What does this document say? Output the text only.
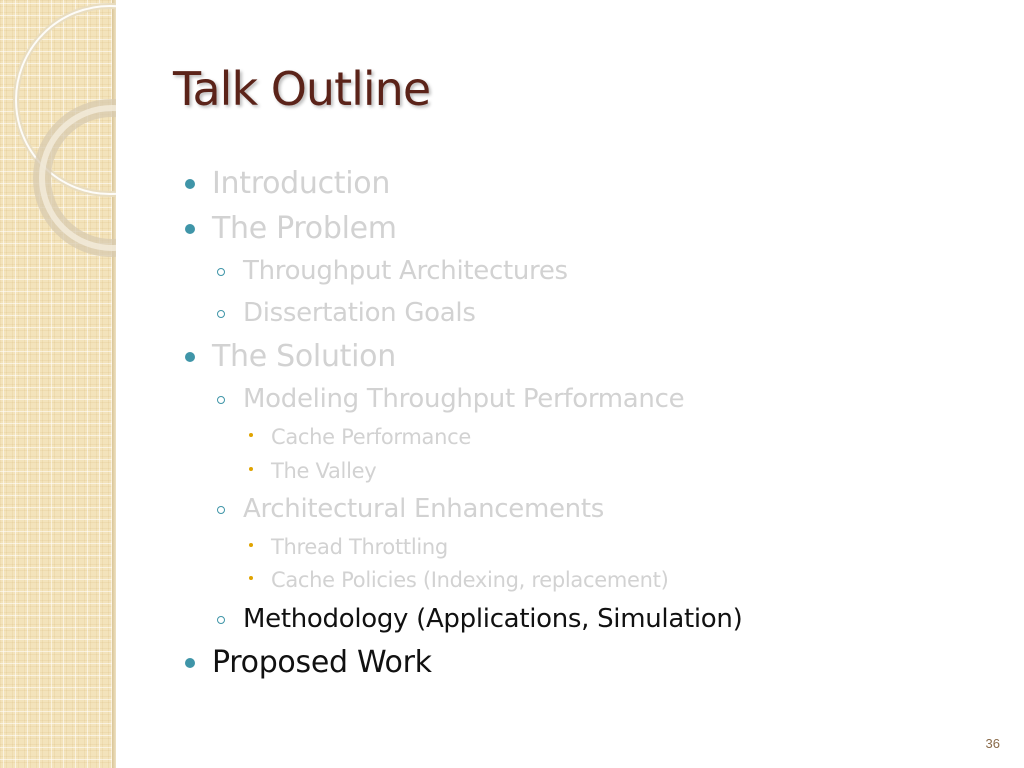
Talk Outline
Introduction
The Problem
Throughput Architectures
Dissertation Goals
The Solution
Modeling Throughput Performance
Cache Performance
The Valley
Architectural Enhancements
Thread Throttling
Cache Policies (Indexing, replacement)
Methodology (Applications, Simulation)
Proposed Work
36
